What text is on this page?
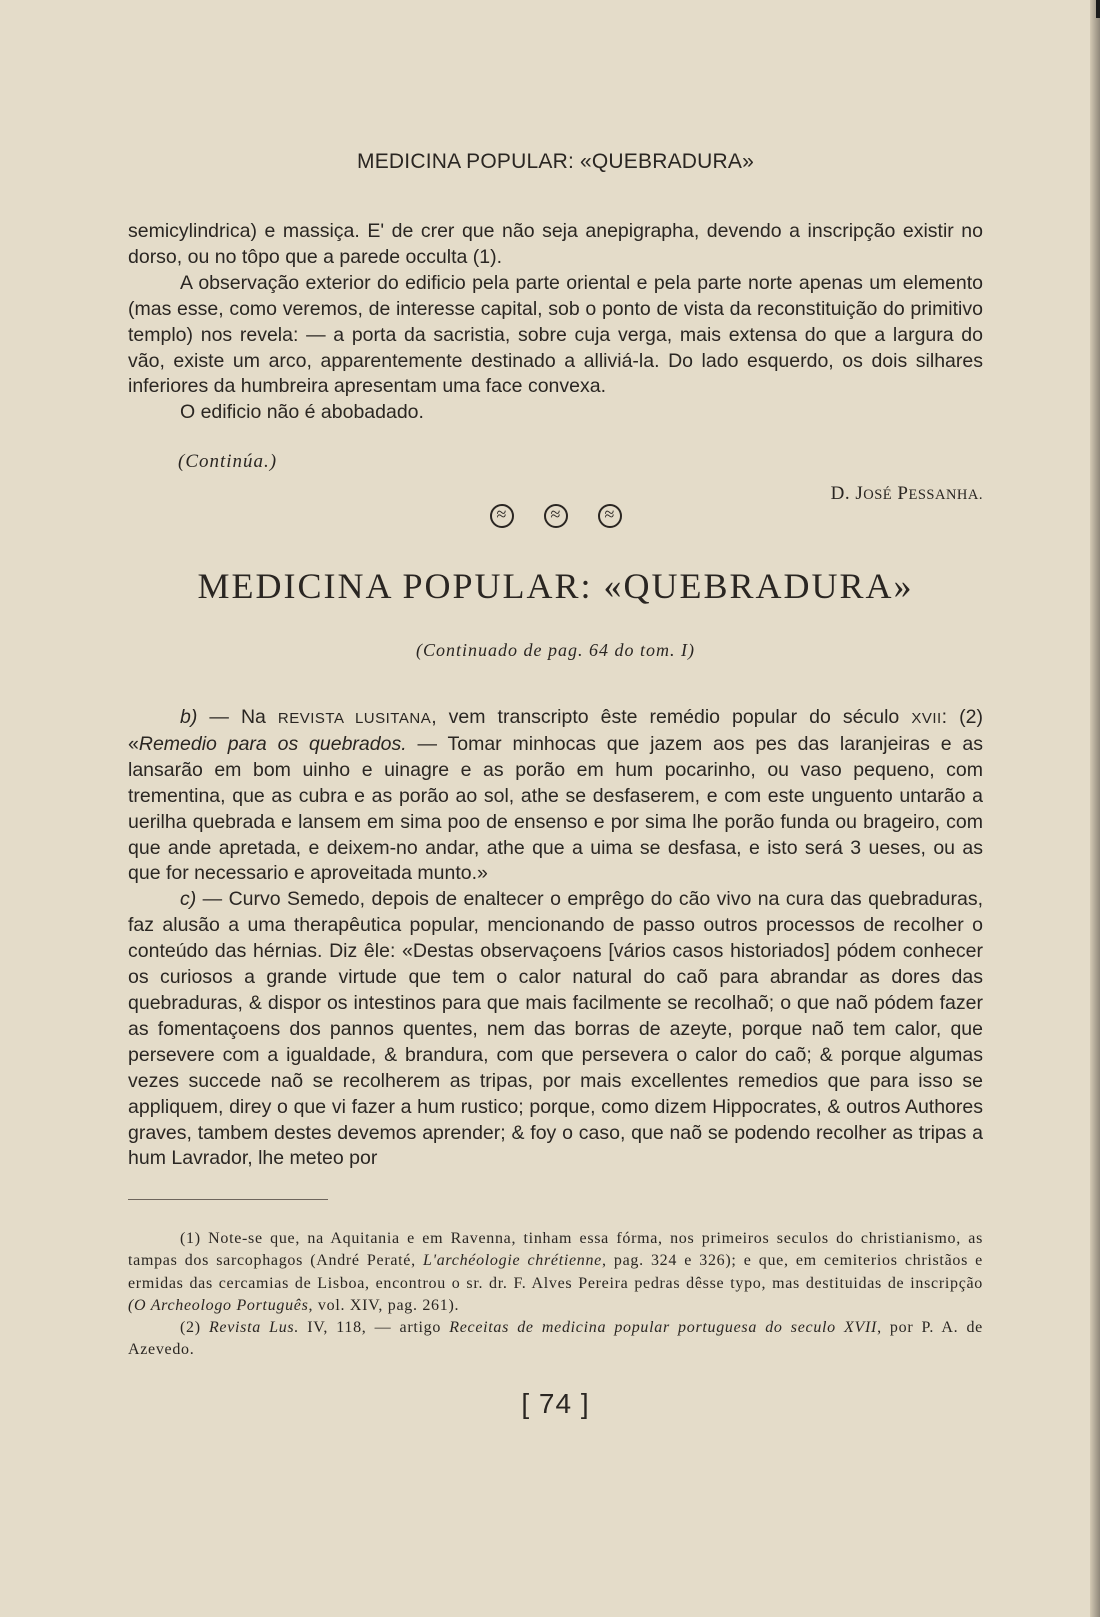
MEDICINA POPULAR: «QUEBRADURA»

semicylindrica) e massiça. E' de crer que não seja anepigrapha, devendo a inscripção existir no dorso, ou no tôpo que a parede occulta (1).

A observação exterior do edificio pela parte oriental e pela parte norte apenas um elemento (mas esse, como veremos, de interesse capital, sob o ponto de vista da reconstituição do primitivo templo) nos revela: — a porta da sacristia, sobre cuja verga, mais extensa do que a largura do vão, existe um arco, apparentemente destinado a alliviá-la. Do lado esquerdo, os dois silhares inferiores da humbreira apresentam uma face convexa.

O edificio não é abobadado.

(Continúa.)
D. JOSÉ PESSANHA.
≈ ≈ ≈
MEDICINA POPULAR: «QUEBRADURA»
(Continuado de pag. 64 do tom. I)

b) — Na REVISTA LUSITANA, vem transcripto êste remédio popular do século XVII: (2) «Remedio para os quebrados. — Tomar minhocas que jazem aos pes das laranjeiras e as lansarão em bom uinho e uinagre e as porão em hum pocarinho, ou vaso pequeno, com trementina, que as cubra e as porão ao sol, athe se desfaserem, e com este unguento untarão a uerilha quebrada e lansem em sima poo de ensenso e por sima lhe porão funda ou brageiro, com que ande apretada, e deixem-no andar, athe que a uima se desfasa, e isto será 3 ueses, ou as que for necessario e aproveitada munto.»

c) — Curvo Semedo, depois de enaltecer o emprêgo do cão vivo na cura das quebraduras, faz alusão a uma therapêutica popular, mencionando de passo outros processos de recolher o conteúdo das hérnias. Diz êle: «Destas observaçoens [vários casos historiados] pódem conhecer os curiosos a grande virtude que tem o calor natural do caõ para abrandar as dores das quebraduras, & dispor os intestinos para que mais facilmente se recolhaõ; o que naõ pódem fazer as fomentaçoens dos pannos quentes, nem das borras de azeyte, porque naõ tem calor, que persevere com a igualdade, & brandura, com que persevera o calor do caõ; & porque algumas vezes succede naõ se recolherem as tripas, por mais excellentes remedios que para isso se appliquem, direy o que vi fazer a hum rustico; porque, como dizem Hippocrates, & outros Authores graves, tambem destes devemos aprender; & foy o caso, que naõ se podendo recolher as tripas a hum Lavrador, lhe meteo por

(1) Note-se que, na Aquitania e em Ravenna, tinham essa fórma, nos primeiros seculos do christianismo, as tampas dos sarcophagos (André Peraté, L'archéologie chrétienne, pag. 324 e 326); e que, em cemiterios christãos e ermidas das cercamias de Lisboa, encontrou o sr. dr. F. Alves Pereira pedras dêsse typo, mas destituidas de inscripção (O Archeologo Português, vol. XIV, pag. 261).

(2) Revista Lus. IV, 118, — artigo Receitas de medicina popular portuguesa do seculo XVII, por P. A. de Azevedo.

[ 74 ]
